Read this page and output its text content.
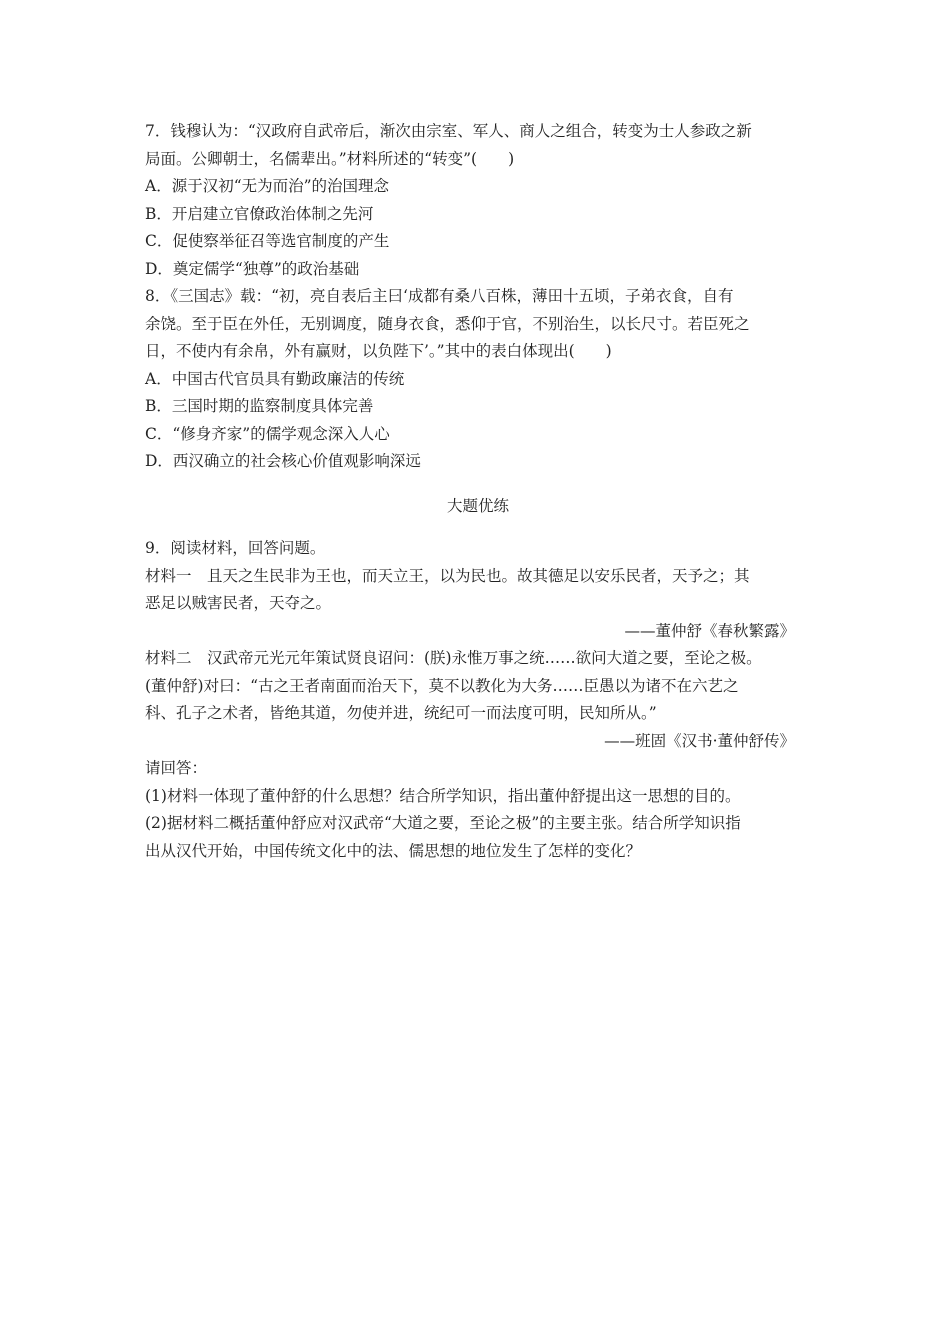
7．钱穆认为：“汉政府自武帝后，渐次由宗室、军人、商人之组合，转变为士人参政之新
局面。公卿朝士，名儒辈出。”材料所述的“转变”(　　)
A．源于汉初“无为而治”的治国理念
B．开启建立官僚政治体制之先河
C．促使察举征召等选官制度的产生
D．奠定儒学“独尊”的政治基础
8．《三国志》载：“初，亮自表后主曰‘成都有桑八百株，薄田十五顷，子弟衣食，自有
余饶。至于臣在外任，无别调度，随身衣食，悉仰于官，不别治生，以长尺寸。若臣死之
日，不使内有余帛，外有赢财，以负陛下’。”其中的表白体现出(　　)
A．中国古代官员具有勤政廉洁的传统
B．三国时期的监察制度具体完善
C．“修身齐家”的儒学观念深入人心
D．西汉确立的社会核心价值观影响深远
大题优练
9．阅读材料，回答问题。
材料一　且天之生民非为王也，而天立王，以为民也。故其德足以安乐民者，天予之；其
恶足以贼害民者，天夺之。
——董仲舒《春秋繁露》
材料二　汉武帝元光元年策试贤良诏问：(朕)永惟万事之统……欲问大道之要，至论之极。
(董仲舒)对曰：“古之王者南面而治天下，莫不以教化为大务……臣愚以为诸不在六艺之
科、孔子之术者，皆绝其道，勿使并进，统纪可一而法度可明，民知所从。”
——班固《汉书·董仲舒传》
请回答：
(1)材料一体现了董仲舒的什么思想？结合所学知识，指出董仲舒提出这一思想的目的。
(2)据材料二概括董仲舒应对汉武帝“大道之要，至论之极”的主要主张。结合所学知识指
出从汉代开始，中国传统文化中的法、儒思想的地位发生了怎样的变化？
